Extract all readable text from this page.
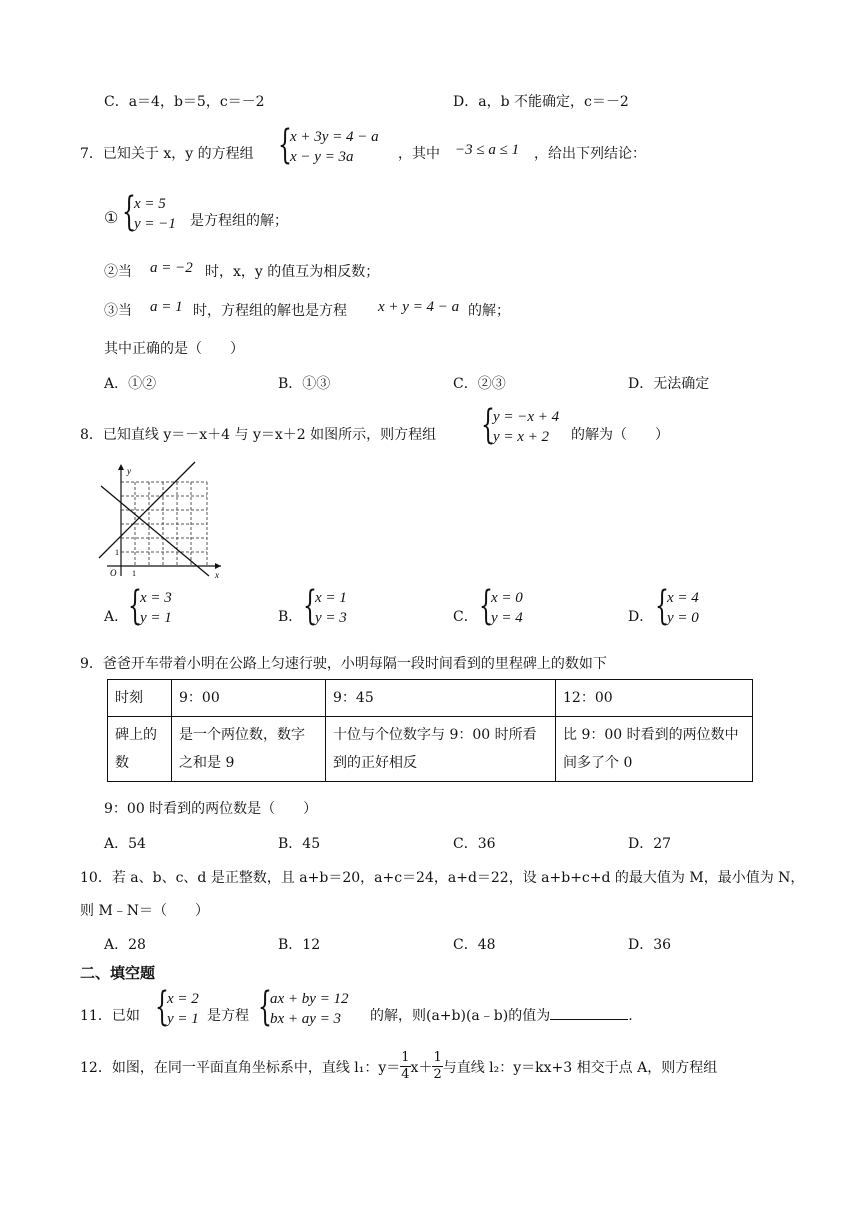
C．a＝4，b＝5，c＝－2	D．a，b 不能确定，c＝－2
7．已知关于 x，y 的方程组 {
x + 3y = 4 − a
x − y = 3a	，其中 −3 ≤ a ≤ 1 ，给出下列结论：
① {
x = 5
y = −1 是方程组的解；
②当 a = −2 时，x，y 的值互为相反数；
③当 a = 1 时，方程组的解也是方程 x + y = 4 − a 的解；
其中正确的是（　　）
A．①②	B．①③	C．②③	D．无法确定
8．已知直线 y＝－x＋4 与 y＝x＋2 如图所示，则方程组 {
y = −x + 4
y = x + 2 的解为（　　）
y
x
O 1
1
A． {
x = 3
y = 1	B． {
x = 1
y = 3	C． {
x = 0
y = 4	D． {
x = 4
y = 0
9．爸爸开车带着小明在公路上匀速行驶，小明每隔一段时间看到的里程碑上的数如下
时刻	9：00	9：45	12：00
碑上的数	是一个两位数，数字之和是 9	十位与个位数字与 9：00 时所看到的正好相反	比 9：00 时看到的两位数中间多了个 0
9：00 时看到的两位数是（　　）
A．54	B．45	C．36	D．27
10．若 a、b、c、d 是正整数，且 a+b＝20，a+c＝24，a+d＝22，设 a+b+c+d 的最大值为 M，最小值为 N，
则 M﹣N＝（　　）
A．28	B．12	C．48	D．36
二、填空题
11．已如 {
x = 2
y = 1 是方程 {
ax + by = 12
bx + ay = 3 的解，则(a+b)(a﹣b)的值为	.
12．如图，在同一平面直角坐标系中，直线 l₁：$y= \frac{1}{4} x+ \frac{1}{2}$ 与直线 l₂：y＝kx+3 相交于点 A，则方程组
